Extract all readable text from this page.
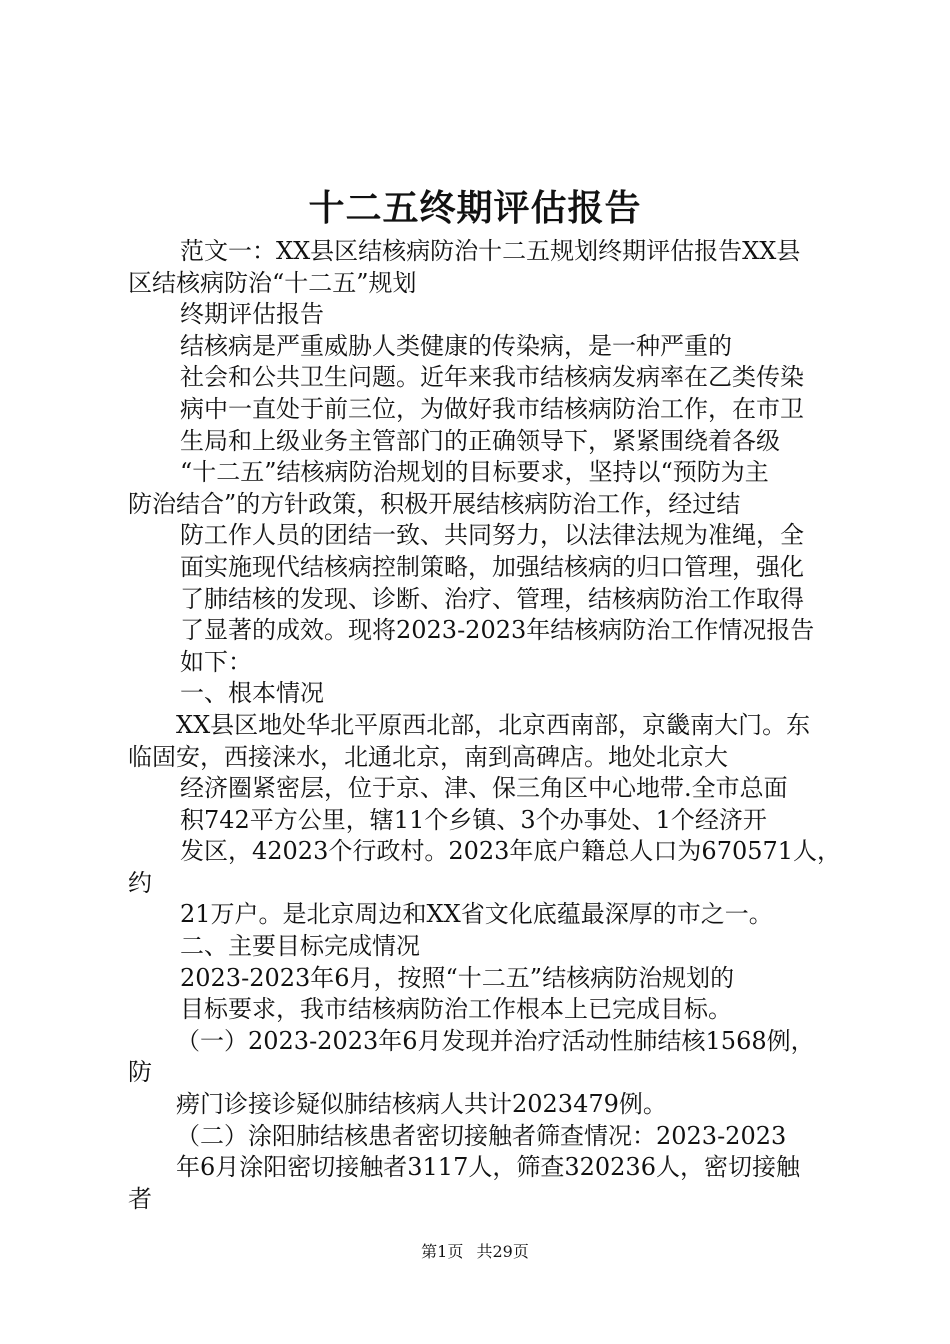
十二五终期评估报告
范文一：XX县区结核病防治十二五规划终期评估报告XX县
区结核病防治“十二五”规划
终期评估报告
结核病是严重威胁人类健康的传染病，是一种严重的
社会和公共卫生问题。近年来我市结核病发病率在乙类传染
病中一直处于前三位，为做好我市结核病防治工作，在市卫
生局和上级业务主管部门的正确领导下，紧紧围绕着各级
“十二五”结核病防治规划的目标要求，坚持以“预防为主
防治结合”的方针政策，积极开展结核病防治工作，经过结
防工作人员的团结一致、共同努力，以法律法规为准绳，全
面实施现代结核病控制策略，加强结核病的归口管理，强化
了肺结核的发现、诊断、治疗、管理，结核病防治工作取得
了显著的成效。现将2023-2023年结核病防治工作情况报告
如下：
一、根本情况
XX县区地处华北平原西北部，北京西南部，京畿南大门。东
临固安，西接涞水，北通北京，南到高碑店。地处北京大
经济圈紧密层，位于京、津、保三角区中心地带.全市总面
积742平方公里，辖11个乡镇、3个办事处、1个经济开
发区，42023个行政村。2023年底户籍总人口为670571人，
约
21万户。是北京周边和XX省文化底蕴最深厚的市之一。
二、主要目标完成情况
2023-2023年6月，按照“十二五”结核病防治规划的
目标要求，我市结核病防治工作根本上已完成目标。
（一）2023-2023年6月发现并治疗活动性肺结核1568例，
防
痨门诊接诊疑似肺结核病人共计2023479例。
（二）涂阳肺结核患者密切接触者筛查情况：2023-2023
年6月涂阳密切接触者3117人，筛查320236人，密切接触
者
第1页 共29页
